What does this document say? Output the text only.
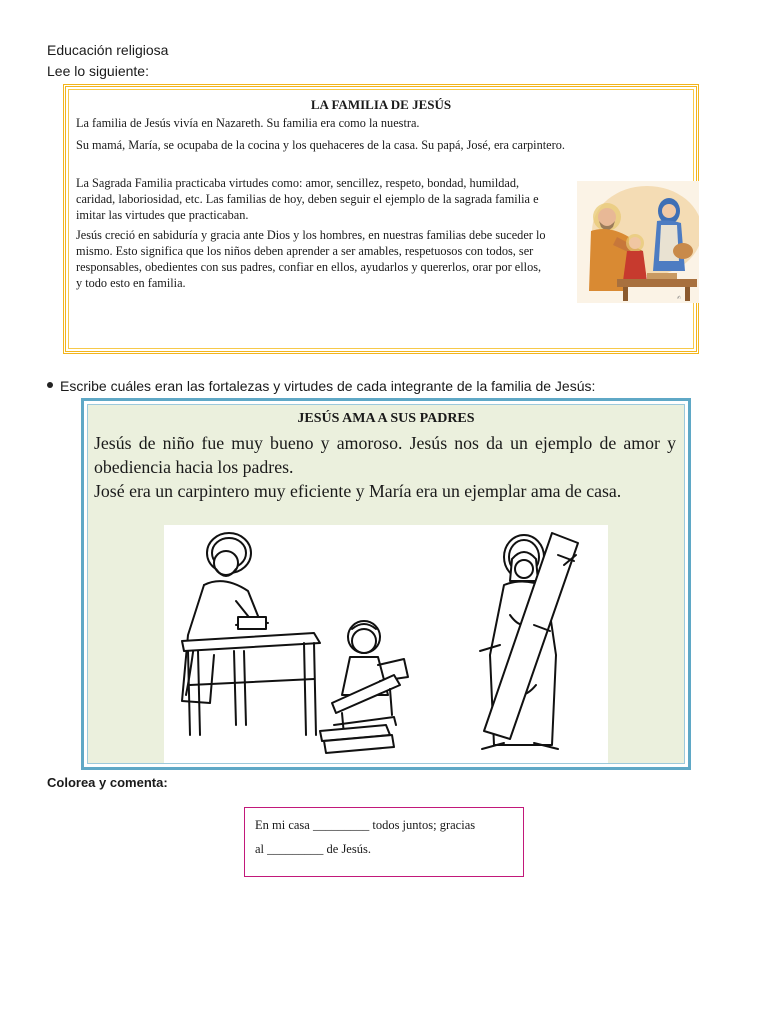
Educación religiosa
Lee lo siguiente:
LA FAMILIA DE JESÚS

La familia de Jesús vivía en Nazareth. Su familia era como la nuestra.

Su mamá, María, se ocupaba de la cocina y los quehaceres de la casa. Su papá, José, era carpintero.

La Sagrada Familia practicaba virtudes como: amor, sencillez, respeto, bondad, humildad, caridad, laboriosidad, etc. Las familias de hoy, deben seguir el ejemplo de la sagrada familia e imitar las virtudes que practicaban.

Jesús creció en sabiduría y gracia ante Dios y los hombres, en nuestras familias debe suceder lo mismo. Esto significa que los niños deben aprender a ser amables, respetuosos con todos, ser responsables, obedientes con sus padres, confiar en ellos, ayudarlos y quererlos, orar por ellos, y todo esto en familia.

✍
Escribe cuáles eran las fortalezas y virtudes de cada integrante de la familia de Jesús:
JESÚS AMA A SUS PADRES

Jesús de niño fue muy bueno y amoroso. Jesús nos da un ejemplo de amor y obediencia hacia los padres.

José era un carpintero muy eficiente y María era un ejemplar ama de casa.

Colorea y comenta:
En mi casa _________ todos juntos; gracias
al _________ de Jesús.
